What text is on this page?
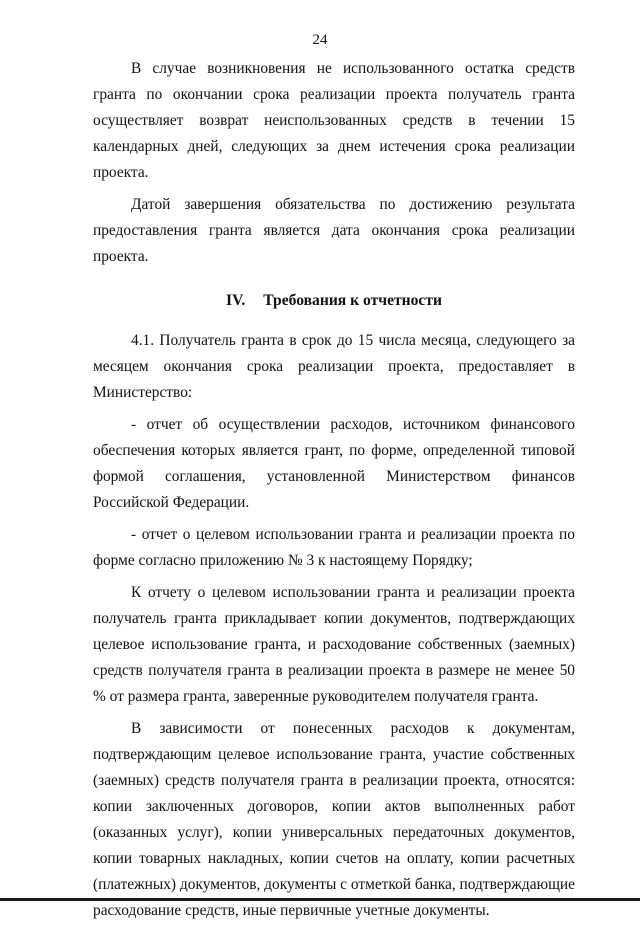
24

В случае возникновения не использованного остатка средств гранта по окончании срока реализации проекта получатель гранта осуществляет возврат неиспользованных средств в течении 15 календарных дней, следующих за днем истечения срока реализации проекта.

Датой завершения обязательства по достижению результата предоставления гранта является дата окончания срока реализации проекта.

IV. Требования к отчетности

4.1. Получатель гранта в срок до 15 числа месяца, следующего за месяцем окончания срока реализации проекта, предоставляет в Министерство:

- отчет об осуществлении расходов, источником финансового обеспечения которых является грант, по форме, определенной типовой формой соглашения, установленной Министерством финансов Российской Федерации.

- отчет о целевом использовании гранта и реализации проекта по форме согласно приложению № 3 к настоящему Порядку;

К отчету о целевом использовании гранта и реализации проекта получатель гранта прикладывает копии документов, подтверждающих целевое использование гранта, и расходование собственных (заемных) средств получателя гранта в реализации проекта в размере не менее 50 % от размера гранта, заверенные руководителем получателя гранта.

В зависимости от понесенных расходов к документам, подтверждающим целевое использование гранта, участие собственных (заемных) средств получателя гранта в реализации проекта, относятся: копии заключенных договоров, копии актов выполненных работ (оказанных услуг), копии универсальных передаточных документов, копии товарных накладных, копии счетов на оплату, копии расчетных (платежных) документов, документы с отметкой банка, подтверждающие расходование средств, иные первичные учетные документы.
